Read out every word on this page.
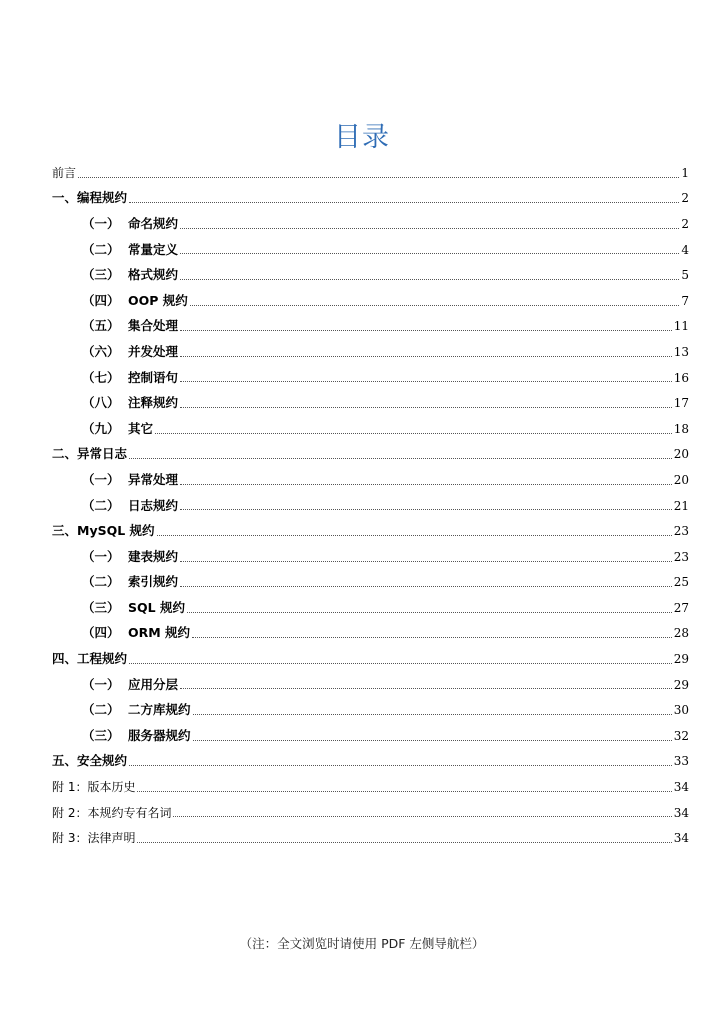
目录
前言	1
一、编程规约	2
（一） 命名规约	2
（二） 常量定义	4
（三） 格式规约	5
（四） OOP 规约	7
（五） 集合处理	11
（六） 并发处理	13
（七） 控制语句	16
（八） 注释规约	17
（九） 其它	18
二、异常日志	20
（一） 异常处理	20
（二） 日志规约	21
三、MySQL 规约	23
（一） 建表规约	23
（二） 索引规约	25
（三） SQL 规约	27
（四） ORM 规约	28
四、工程规约	29
（一） 应用分层	29
（二） 二方库规约	30
（三） 服务器规约	32
五、安全规约	33
附 1：版本历史	34
附 2：本规约专有名词	34
附 3：法律声明	34
（注：全文浏览时请使用 PDF 左侧导航栏）
